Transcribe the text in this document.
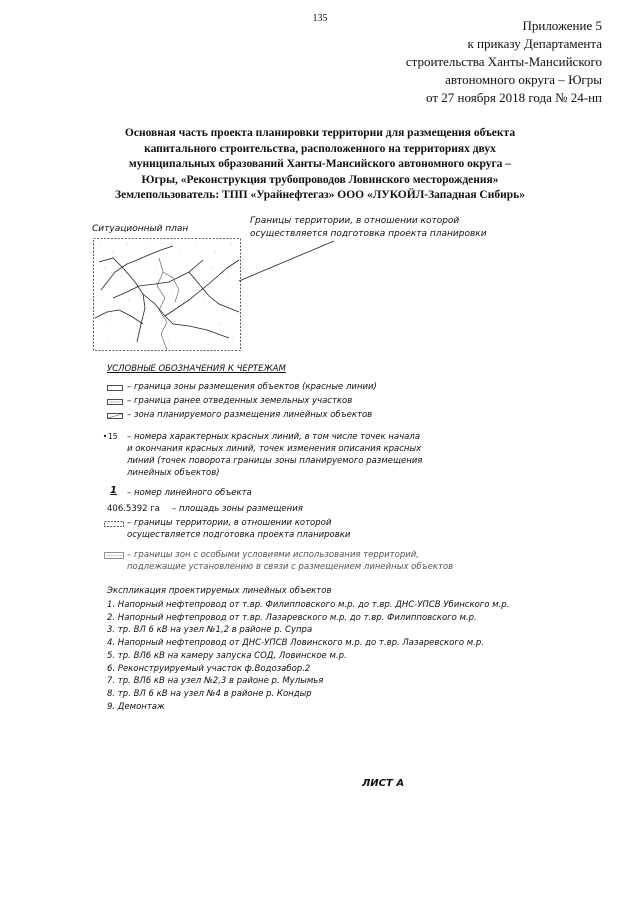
135	Приложение 5
к приказу Департамента
строительства Ханты-Мансийского
автономного округа – Югры
от 27 ноября 2018 года № 24-нп
Основная часть проекта планировки территории для размещения объекта
капитального строительства, расположенного на территориях двух
муниципальных образований Ханты-Мансийского автономного округа –
Югры, «Реконструкция трубопроводов Ловинского месторождения»
Землепользователь: ТПП «Урайнефтегаз» ООО «ЛУКОЙЛ-Западная Сибирь»
Ситуационный план
Границы территории, в отношении которой
осуществляется подготовка проекта планировки
УСЛОВНЫЕ ОБОЗНАЧЕНИЯ К ЧЕРТЕЖАМ
– граница зоны размещения объектов (красные линии)
– граница ранее отведенных земельных участков
– зона планируемого размещения линейных объектов
15 – номера характерных красных линий, в том числе точек начала
и окончания красных линий, точек изменения описания красных
линий (точек поворота границы зоны планируемого размещения
линейных объектов)
1 – номер линейного объекта
406.5392 га – площадь зоны размещения
– границы территории, в отношении которой
осуществляется подготовка проекта планировки
– границы зон с особыми условиями использования территорий,
подлежащие установлению в связи с размещением линейных объектов
Экспликация проектируемых линейных объектов
1. Напорный нефтепровод от т.вр. Филипповского м.р. до т.вр. ДНС-УПСВ Убинского м.р.
2. Напорный нефтепровод от т.вр. Лазаревского м.р. до т.вр. Филипповского м.р.
3. тр. ВЛ 6 кВ на узел №1,2 в районе р. Супра
4. Напорный нефтепровод от ДНС-УПСВ Ловинского м.р. до т.вр. Лазаревского м.р.
5. тр. ВЛ6 кВ на камеру запуска СОД, Ловинское м.р.
6. Реконструируемый участок ф.Водозабор.2
7. тр. ВЛ6 кВ на узел №2,3 в районе р. Мулымья
8. тр. ВЛ 6 кВ на узел №4 в районе р. Кондыр
9. Демонтаж
ЛИСТ А
